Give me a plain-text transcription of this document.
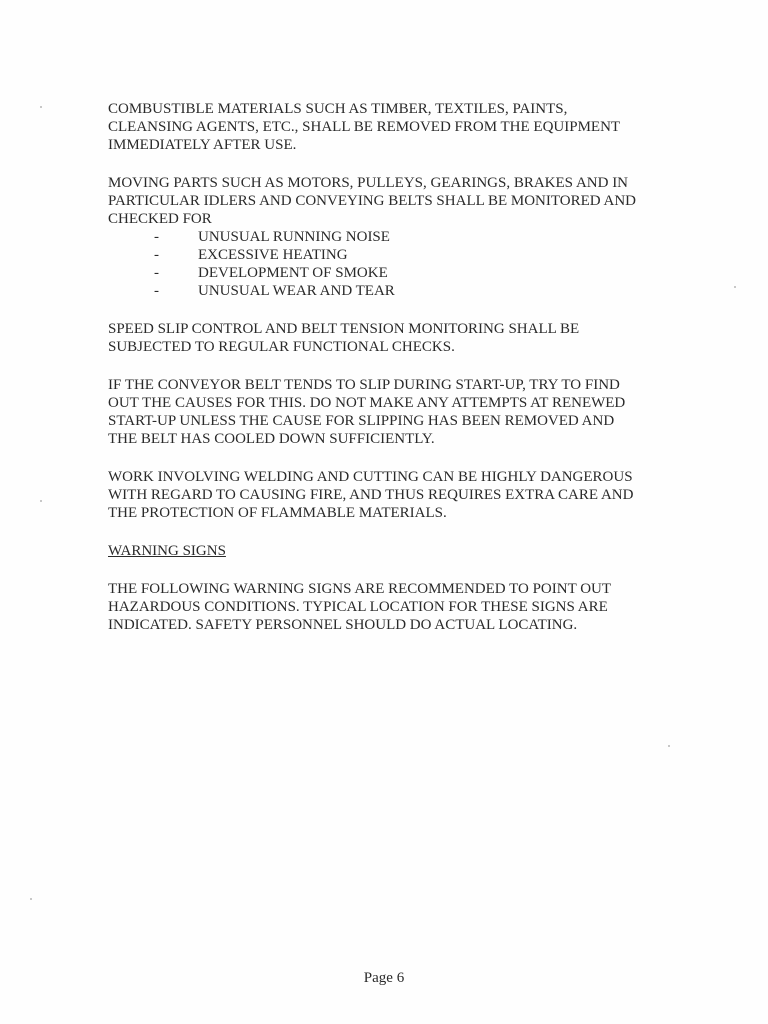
COMBUSTIBLE MATERIALS SUCH AS TIMBER, TEXTILES, PAINTS,
CLEANSING AGENTS, ETC., SHALL BE REMOVED FROM THE EQUIPMENT
IMMEDIATELY AFTER USE.

MOVING PARTS SUCH AS MOTORS, PULLEYS, GEARINGS, BRAKES AND IN
PARTICULAR IDLERS AND CONVEYING BELTS SHALL BE MONITORED AND
CHECKED FOR
-	UNUSUAL RUNNING NOISE
-	EXCESSIVE HEATING
-	DEVELOPMENT OF SMOKE
-	UNUSUAL WEAR AND TEAR

SPEED SLIP CONTROL AND BELT TENSION MONITORING SHALL BE
SUBJECTED TO REGULAR FUNCTIONAL CHECKS.

IF THE CONVEYOR BELT TENDS TO SLIP DURING START-UP, TRY TO FIND
OUT THE CAUSES FOR THIS. DO NOT MAKE ANY ATTEMPTS AT RENEWED
START-UP UNLESS THE CAUSE FOR SLIPPING HAS BEEN REMOVED AND
THE BELT HAS COOLED DOWN SUFFICIENTLY.

WORK INVOLVING WELDING AND CUTTING CAN BE HIGHLY DANGEROUS
WITH REGARD TO CAUSING FIRE, AND THUS REQUIRES EXTRA CARE AND
THE PROTECTION OF FLAMMABLE MATERIALS.

WARNING SIGNS

THE FOLLOWING WARNING SIGNS ARE RECOMMENDED TO POINT OUT
HAZARDOUS CONDITIONS. TYPICAL LOCATION FOR THESE SIGNS ARE
INDICATED. SAFETY PERSONNEL SHOULD DO ACTUAL LOCATING.

Page 6
